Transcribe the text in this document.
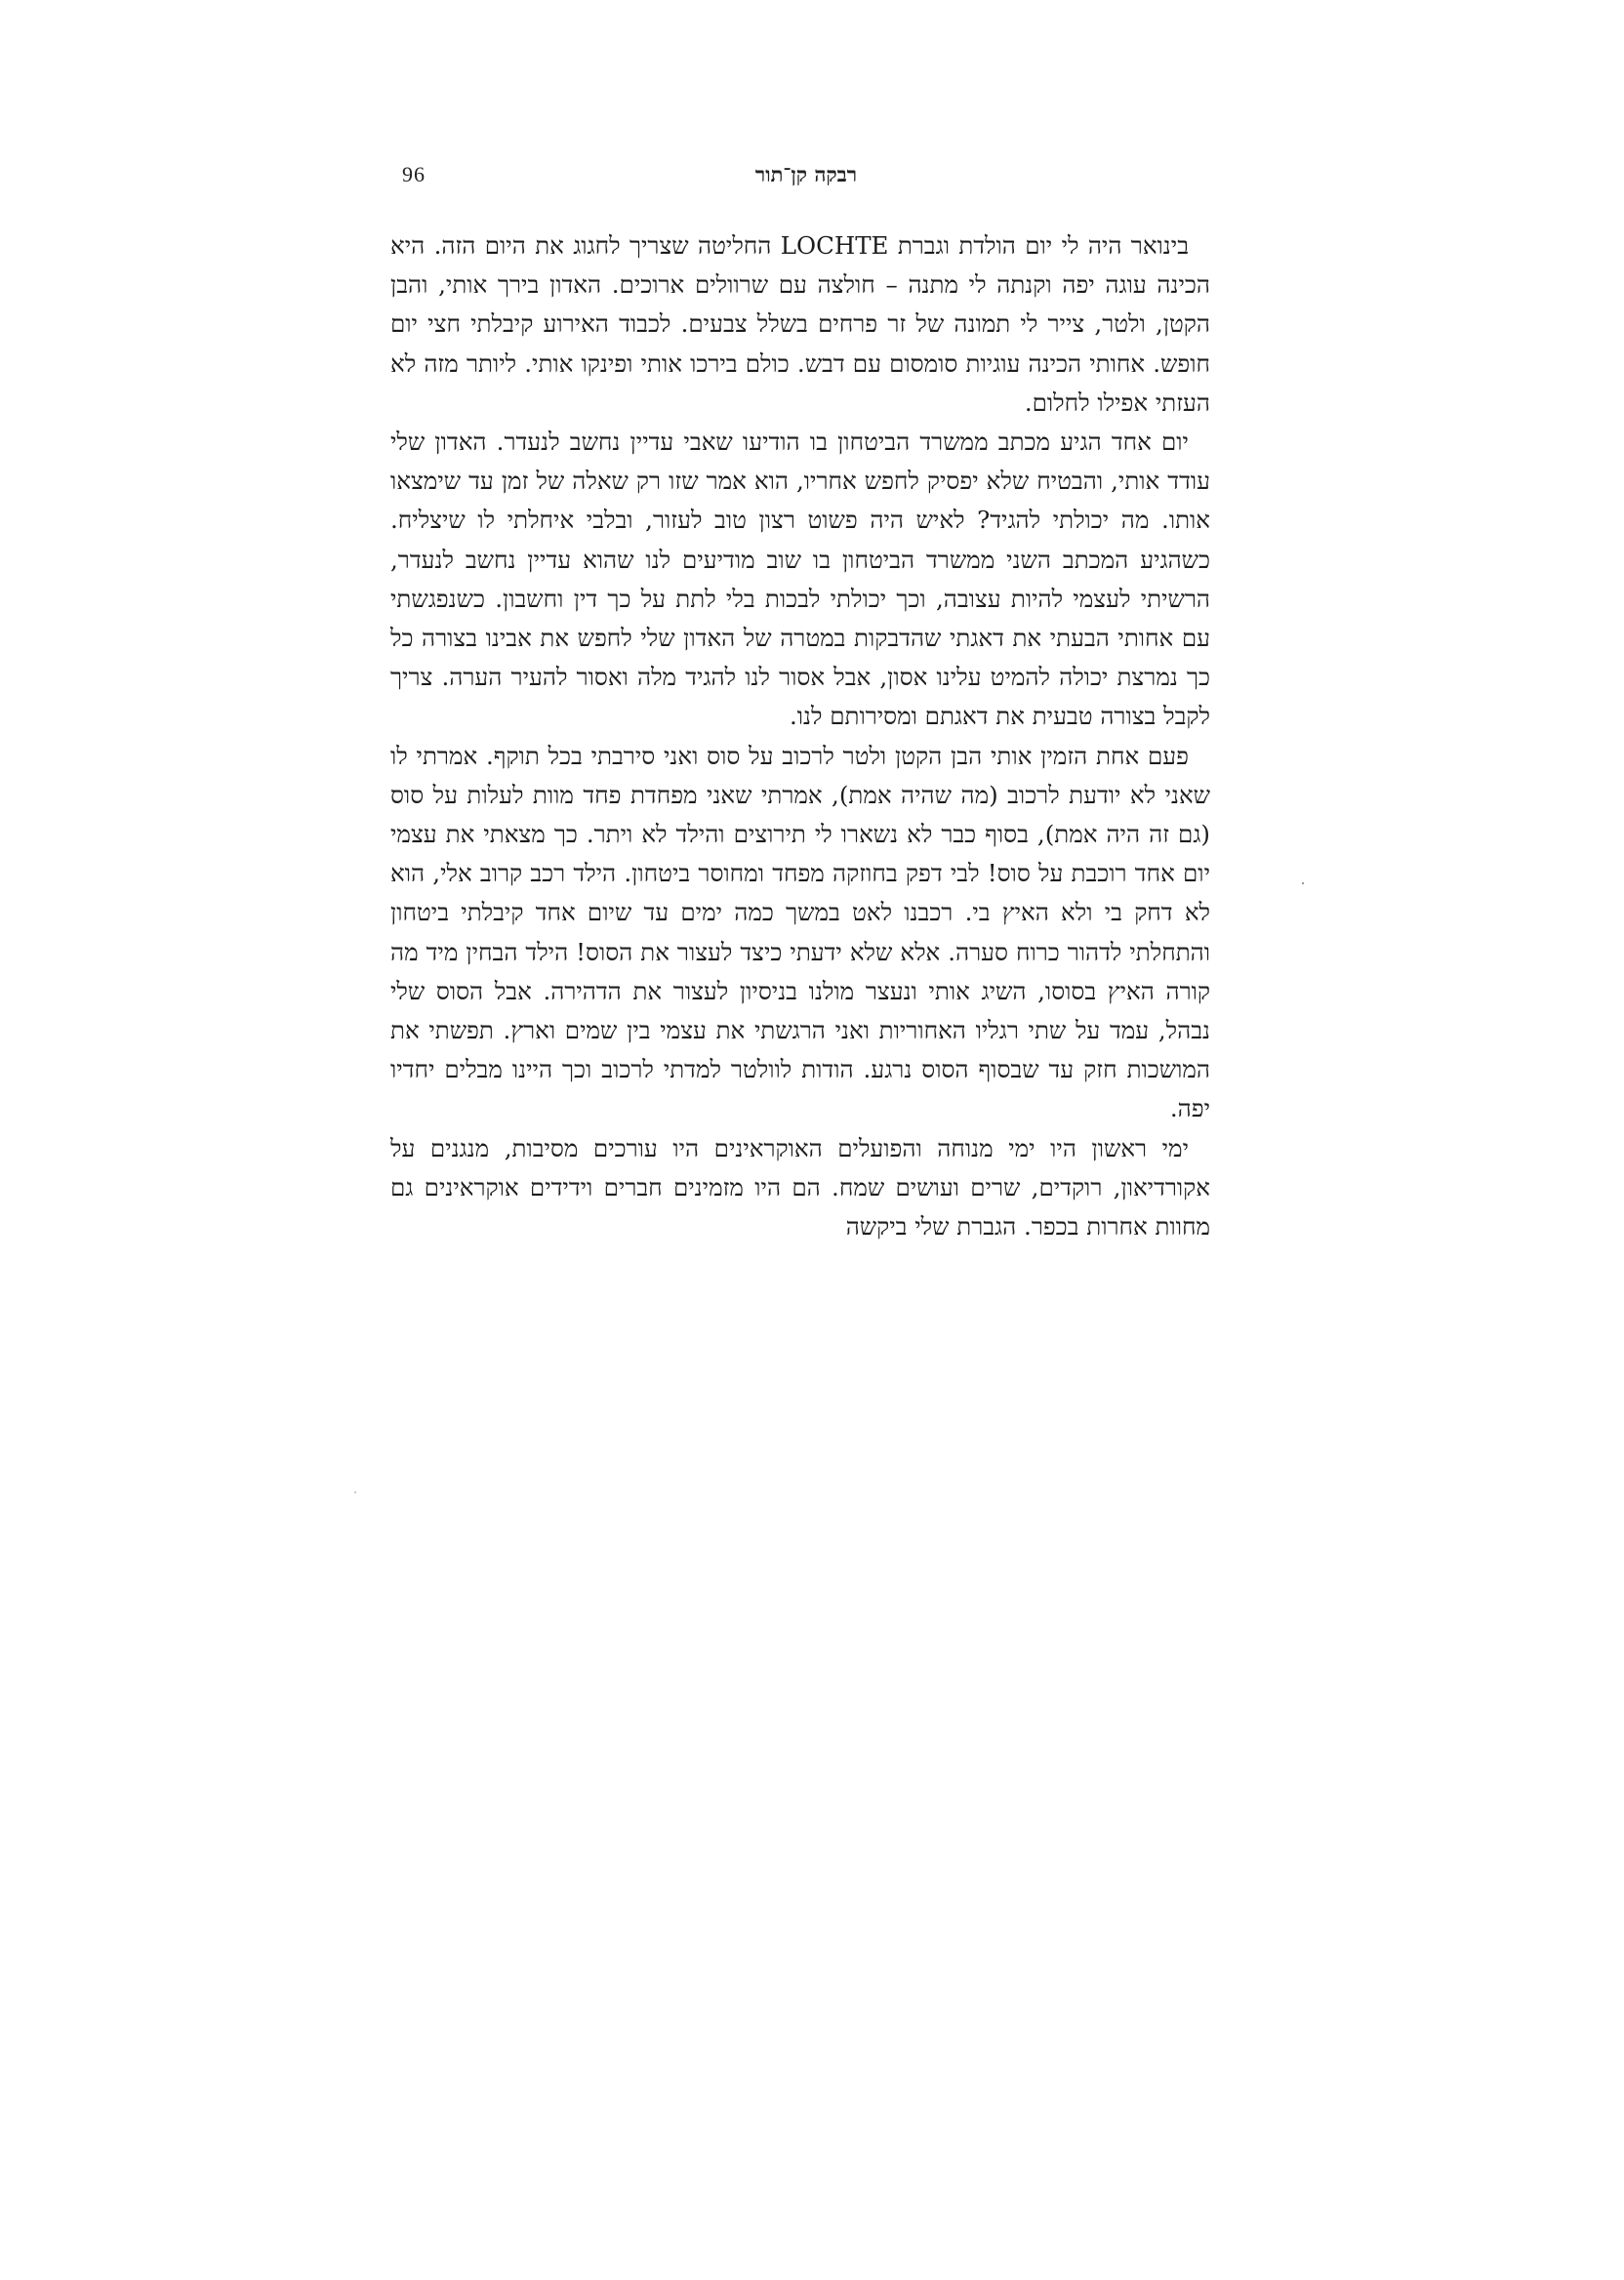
96	רבקה קן־תור

בינואר היה לי יום הולדת וגברת LOCHTE החליטה שצריך לחגוג את היום הזה. היא הכינה עוגה יפה וקנתה לי מתנה – חולצה עם שרוולים ארוכים. האדון בירך אותי, והבן הקטן, ולטר, צייר לי תמונה של זר פרחים בשלל צבעים. לכבוד האירוע קיבלתי חצי יום חופש. אחותי הכינה עוגיות סומסום עם דבש. כולם בירכו אותי ופינקו אותי. ליותר מזה לא העזתי אפילו לחלום.

יום אחד הגיע מכתב ממשרד הביטחון בו הודיעו שאבי עדיין נחשב לנעדר. האדון שלי עודד אותי, והבטיח שלא יפסיק לחפש אחריו, הוא אמר שזו רק שאלה של זמן עד שימצאו אותו. מה יכולתי להגיד? לאיש היה פשוט רצון טוב לעזור, ובלבי איחלתי לו שיצליח. כשהגיע המכתב השני ממשרד הביטחון בו שוב מודיעים לנו שהוא עדיין נחשב לנעדר, הרשיתי לעצמי להיות עצובה, וכך יכולתי לבכות בלי לתת על כך דין וחשבון. כשנפגשתי עם אחותי הבעתי את דאגתי שהדבקות במטרה של האדון שלי לחפש את אבינו בצורה כל כך נמרצת יכולה להמיט עלינו אסון, אבל אסור לנו להגיד מלה ואסור להעיר הערה. צריך לקבל בצורה טבעית את דאגתם ומסירותם לנו.

פעם אחת הזמין אותי הבן הקטן ולטר לרכוב על סוס ואני סירבתי בכל תוקף. אמרתי לו שאני לא יודעת לרכוב (מה שהיה אמת), אמרתי שאני מפחדת פחד מוות לעלות על סוס (גם זה היה אמת), בסוף כבר לא נשארו לי תירוצים והילד לא ויתר. כך מצאתי את עצמי יום אחד רוכבת על סוס! לבי דפק בחוזקה מפחד ומחוסר ביטחון. הילד רכב קרוב אלי, הוא לא דחק בי ולא האיץ בי. רכבנו לאט במשך כמה ימים עד שיום אחד קיבלתי ביטחון והתחלתי לדהור כרוח סערה. אלא שלא ידעתי כיצד לעצור את הסוס! הילד הבחין מיד מה קורה האיץ בסוסו, השיג אותי ונעצר מולנו בניסיון לעצור את הדהירה. אבל הסוס שלי נבהל, עמד על שתי רגליו האחוריות ואני הרגשתי את עצמי בין שמים וארץ. תפשתי את המושכות חזק עד שבסוף הסוס נרגע. הודות לוולטר למדתי לרכוב וכך היינו מבלים יחדיו יפה.

ימי ראשון היו ימי מנוחה והפועלים האוקראינים היו עורכים מסיבות, מנגנים על אקורדיאון, רוקדים, שרים ועושים שמח. הם היו מזמינים חברים וידידים אוקראינים גם מחוות אחרות בכפר. הגברת שלי ביקשה
